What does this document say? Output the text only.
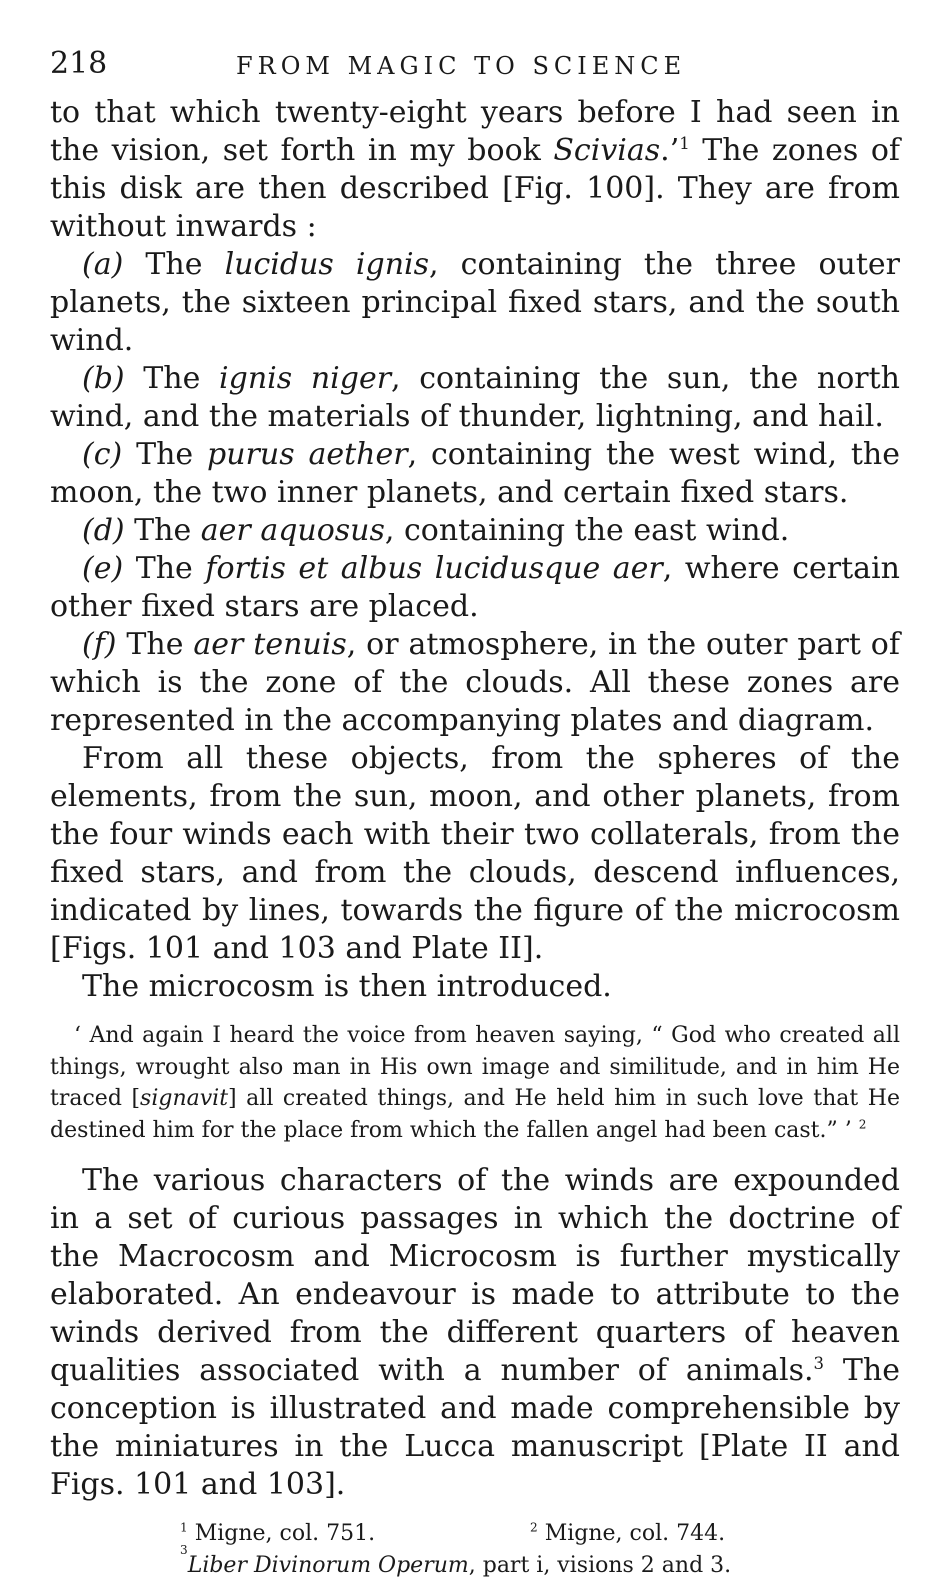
218	FROM MAGIC TO SCIENCE

to that which twenty-eight years before I had seen in the vision, set forth in my book Scivias.’$^1$ The zones of this disk are then described [Fig. 100]. They are from without inwards :

(a) The lucidus ignis, containing the three outer planets, the sixteen principal fixed stars, and the south wind.

(b) The ignis niger, containing the sun, the north wind, and the materials of thunder, lightning, and hail.

(c) The purus aether, containing the west wind, the moon, the two inner planets, and certain fixed stars.

(d) The aer aquosus, containing the east wind.

(e) The fortis et albus lucidusque aer, where certain other fixed stars are placed.

(f) The aer tenuis, or atmosphere, in the outer part of which is the zone of the clouds. All these zones are represented in the accompanying plates and diagram.

From all these objects, from the spheres of the elements, from the sun, moon, and other planets, from the four winds each with their two collaterals, from the fixed stars, and from the clouds, descend influences, indicated by lines, towards the figure of the microcosm [Figs. 101 and 103 and Plate II].

The microcosm is then introduced.

‘ And again I heard the voice from heaven saying, “ God who created all things, wrought also man in His own image and similitude, and in him He traced [signavit] all created things, and He held him in such love that He destined him for the place from which the fallen angel had been cast.” ’ $^2$

The various characters of the winds are expounded in a set of curious passages in which the doctrine of the Macrocosm and Microcosm is further mystically elaborated. An endeavour is made to attribute to the winds derived from the different quarters of heaven qualities associated with a number of animals.$^3$ The conception is illustrated and made comprehensible by the miniatures in the Lucca manuscript [Plate II and Figs. 101 and 103].

$^1$ Migne, col. 751.	$^2$ Migne, col. 744.
3
Liber Divinorum Operum , part i, visions 2 and 3.
